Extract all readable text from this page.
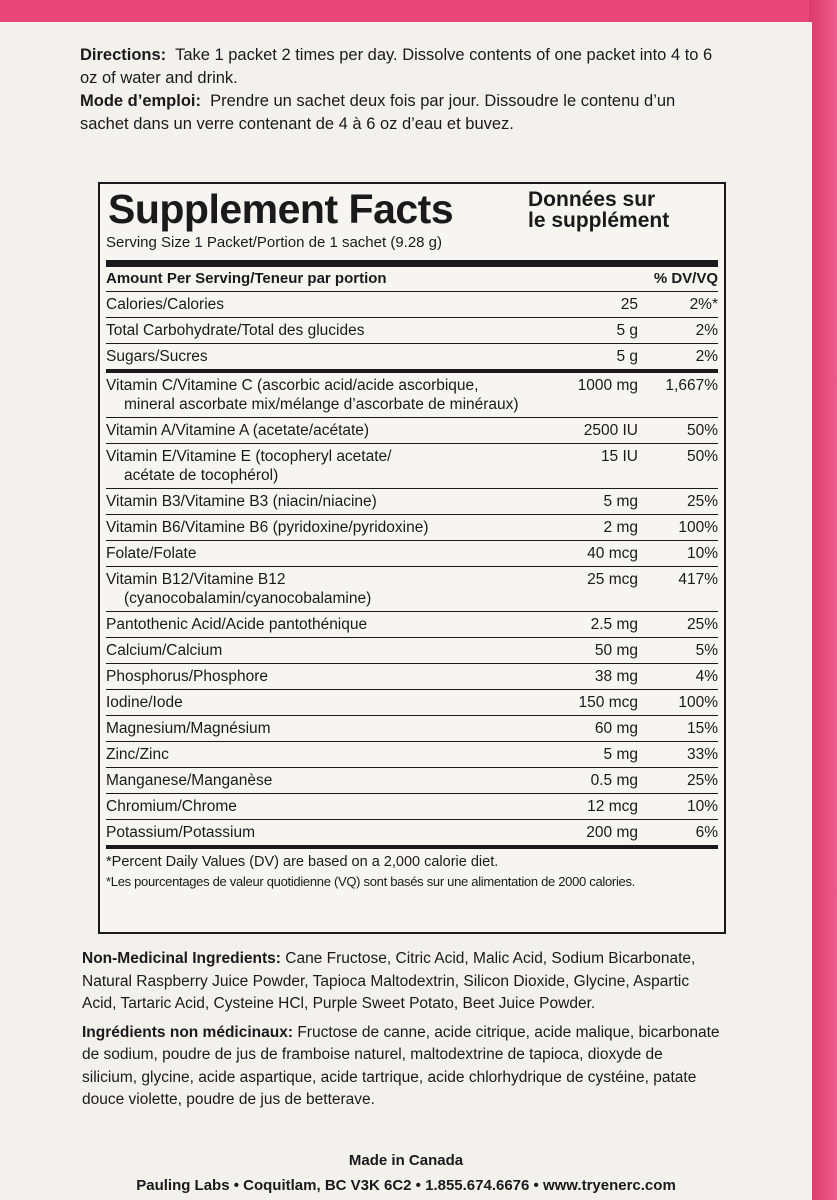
Directions: Take 1 packet 2 times per day. Dissolve contents of one packet into 4 to 6 oz of water and drink.

Mode d’emploi: Prendre un sachet deux fois par jour. Dissoudre le contenu d’un sachet dans un verre contenant de 4 à 6 oz d’eau et buvez.

Supplement Facts	Données sur
le supplément
Serving Size 1 Packet/Portion de 1 sachet (9.28 g)
Amount Per Serving/Teneur par portion	% DV/VQ
Calories/Calories	25	2%*
Total Carbohydrate/Total des glucides	5 g	2%
Sugars/Sucres	5 g	2%
Vitamin C/Vitamine C (ascorbic acid/acide ascorbique,
mineral ascorbate mix/mélange d’ascorbate de minéraux)
1000 mg	1,667%
Vitamin A/Vitamine A (acetate/acétate)	2500 IU	50%
Vitamin E/Vitamine E (tocopheryl acetate/
acétate de tocophérol)
15 IU	50%
Vitamin B3/Vitamine B3 (niacin/niacine)	5 mg	25%
Vitamin B6/Vitamine B6 (pyridoxine/pyridoxine)	2 mg	100%
Folate/Folate	40 mcg	10%
Vitamin B12/Vitamine B12
(cyanocobalamin/cyanocobalamine)
25 mcg	417%
Pantothenic Acid/Acide pantothénique	2.5 mg	25%
Calcium/Calcium	50 mg	5%
Phosphorus/Phosphore	38 mg	4%
Iodine/Iode	150 mcg	100%
Magnesium/Magnésium	60 mg	15%
Zinc/Zinc	5 mg	33%
Manganese/Manganèse	0.5 mg	25%
Chromium/Chrome	12 mcg	10%
Potassium/Potassium	200 mg	6%
*Percent Daily Values (DV) are based on a 2,000 calorie diet.
*Les pourcentages de valeur quotidienne (VQ) sont basés sur une alimentation de 2000 calories.

Non-Medicinal Ingredients: Cane Fructose, Citric Acid, Malic Acid, Sodium Bicarbonate, Natural Raspberry Juice Powder, Tapioca Maltodextrin, Silicon Dioxide, Glycine, Aspartic Acid, Tartaric Acid, Cysteine HCl, Purple Sweet Potato, Beet Juice Powder.

Ingrédients non médicinaux: Fructose de canne, acide citrique, acide malique, bicarbonate de sodium, poudre de jus de framboise naturel, maltodextrine de tapioca, dioxyde de silicium, glycine, acide aspartique, acide tartrique, acide chlorhydrique de cystéine, patate douce violette, poudre de jus de betterave.

Made in Canada
Pauling Labs • Coquitlam, BC V3K 6C2 • 1.855.674.6676 • www.tryenerc.com
